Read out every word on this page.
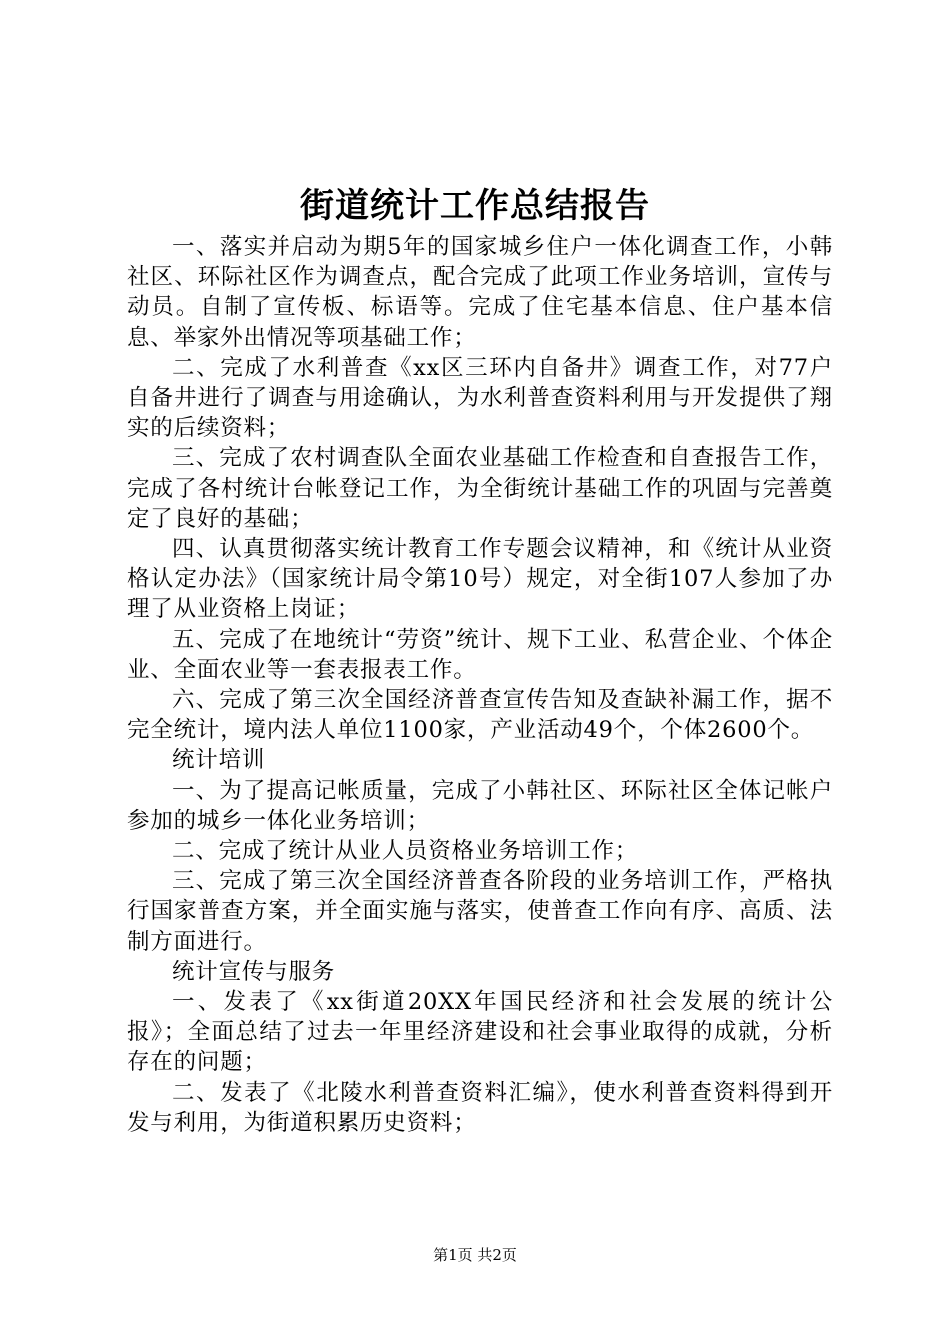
街道统计工作总结报告

一、落实并启动为期5年的国家城乡住户一体化调查工作，小韩社区、环际社区作为调查点，配合完成了此项工作业务培训，宣传与动员。自制了宣传板、标语等。完成了住宅基本信息、住户基本信息、举家外出情况等项基础工作；

二、完成了水利普查《xx区三环内自备井》调查工作，对77户自备井进行了调查与用途确认，为水利普查资料利用与开发提供了翔实的后续资料；

三、完成了农村调查队全面农业基础工作检查和自查报告工作，完成了各村统计台帐登记工作，为全街统计基础工作的巩固与完善奠定了良好的基础；

四、认真贯彻落实统计教育工作专题会议精神，和《统计从业资格认定办法》（国家统计局令第10号）规定，对全街107人参加了办理了从业资格上岗证；

五、完成了在地统计“劳资”统计、规下工业、私营企业、个体企业、全面农业等一套表报表工作。

六、完成了第三次全国经济普查宣传告知及查缺补漏工作，据不完全统计，境内法人单位1100家，产业活动49个，个体2600个。

统计培训

一、为了提高记帐质量，完成了小韩社区、环际社区全体记帐户参加的城乡一体化业务培训；

二、完成了统计从业人员资格业务培训工作；

三、完成了第三次全国经济普查各阶段的业务培训工作，严格执行国家普查方案，并全面实施与落实，使普查工作向有序、高质、法制方面进行。

统计宣传与服务

一、发表了《xx街道20XX年国民经济和社会发展的统计公报》；全面总结了过去一年里经济建设和社会事业取得的成就，分析存在的问题；

二、发表了《北陵水利普查资料汇编》，使水利普查资料得到开发与利用，为街道积累历史资料；

第1页 共2页
